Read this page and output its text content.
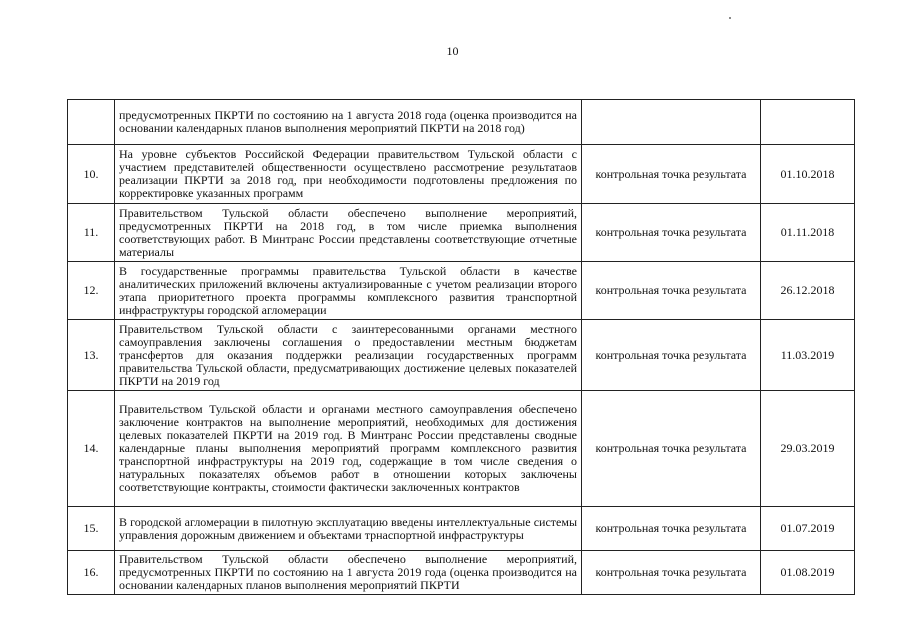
10
	предусмотренных ПКРТИ по состоянию на 1 августа 2018 года (оценка производится на основании календарных планов выполнения мероприятий ПКРТИ на 2018 год)		
10.	На уровне субъектов Российской Федерации правительством Тульской области с участием представителей общественности осуществлено рассмотрение результатаов реализации ПКРТИ за 2018 год, при необходимости подготовлены предложения по корректировке указанных программ	контрольная точка результата	01.10.2018
11.	Правительством Тульской области обеспечено выполнение мероприятий, предусмотренных ПКРТИ на 2018 год, в том числе приемка выполнения соответствующих работ. В Минтранс России представлены соответствующие отчетные материалы	контрольная точка результата	01.11.2018
12.	В государственные программы правительства Тульской области в качестве аналитических приложений включены актуализированные с учетом реализации второго этапа приоритетного проекта программы комплексного развития транспортной инфраструктуры городской агломерации	контрольная точка результата	26.12.2018
13.	Правительством Тульской области с заинтересованными органами местного самоуправления заключены соглашения о предоставлении местным бюджетам трансфертов для оказания поддержки реализации государственных программ правительства Тульской области, предусматривающих достижение целевых показателей ПКРТИ на 2019 год	контрольная точка результата	11.03.2019
14.	Правительством Тульской области и органами местного самоуправления обеспечено заключение контрактов на выполнение мероприятий, необходимых для достижения целевых показателей ПКРТИ на 2019 год. В Минтранс России представлены сводные календарные планы выполнения мероприятий программ комплексного развития транспортной инфраструктуры на 2019 год, содержащие в том числе сведения о натуральных показателях объемов работ в отношении которых заключены соответствующие контракты, стоимости фактически заключенных контрактов	контрольная точка результата	29.03.2019
15.	В городской агломерации в пилотную эксплуатацию введены интеллектуальные системы управления дорожным движением и объектами трнаспортной инфраструктуры	контрольная точка результата	01.07.2019
16.	Правительством Тульской области обеспечено выполнение мероприятий, предусмотренных ПКРТИ по состоянию на 1 августа 2019 года (оценка производится на основании календарных планов выполнения мероприятий ПКРТИ	контрольная точка результата	01.08.2019
